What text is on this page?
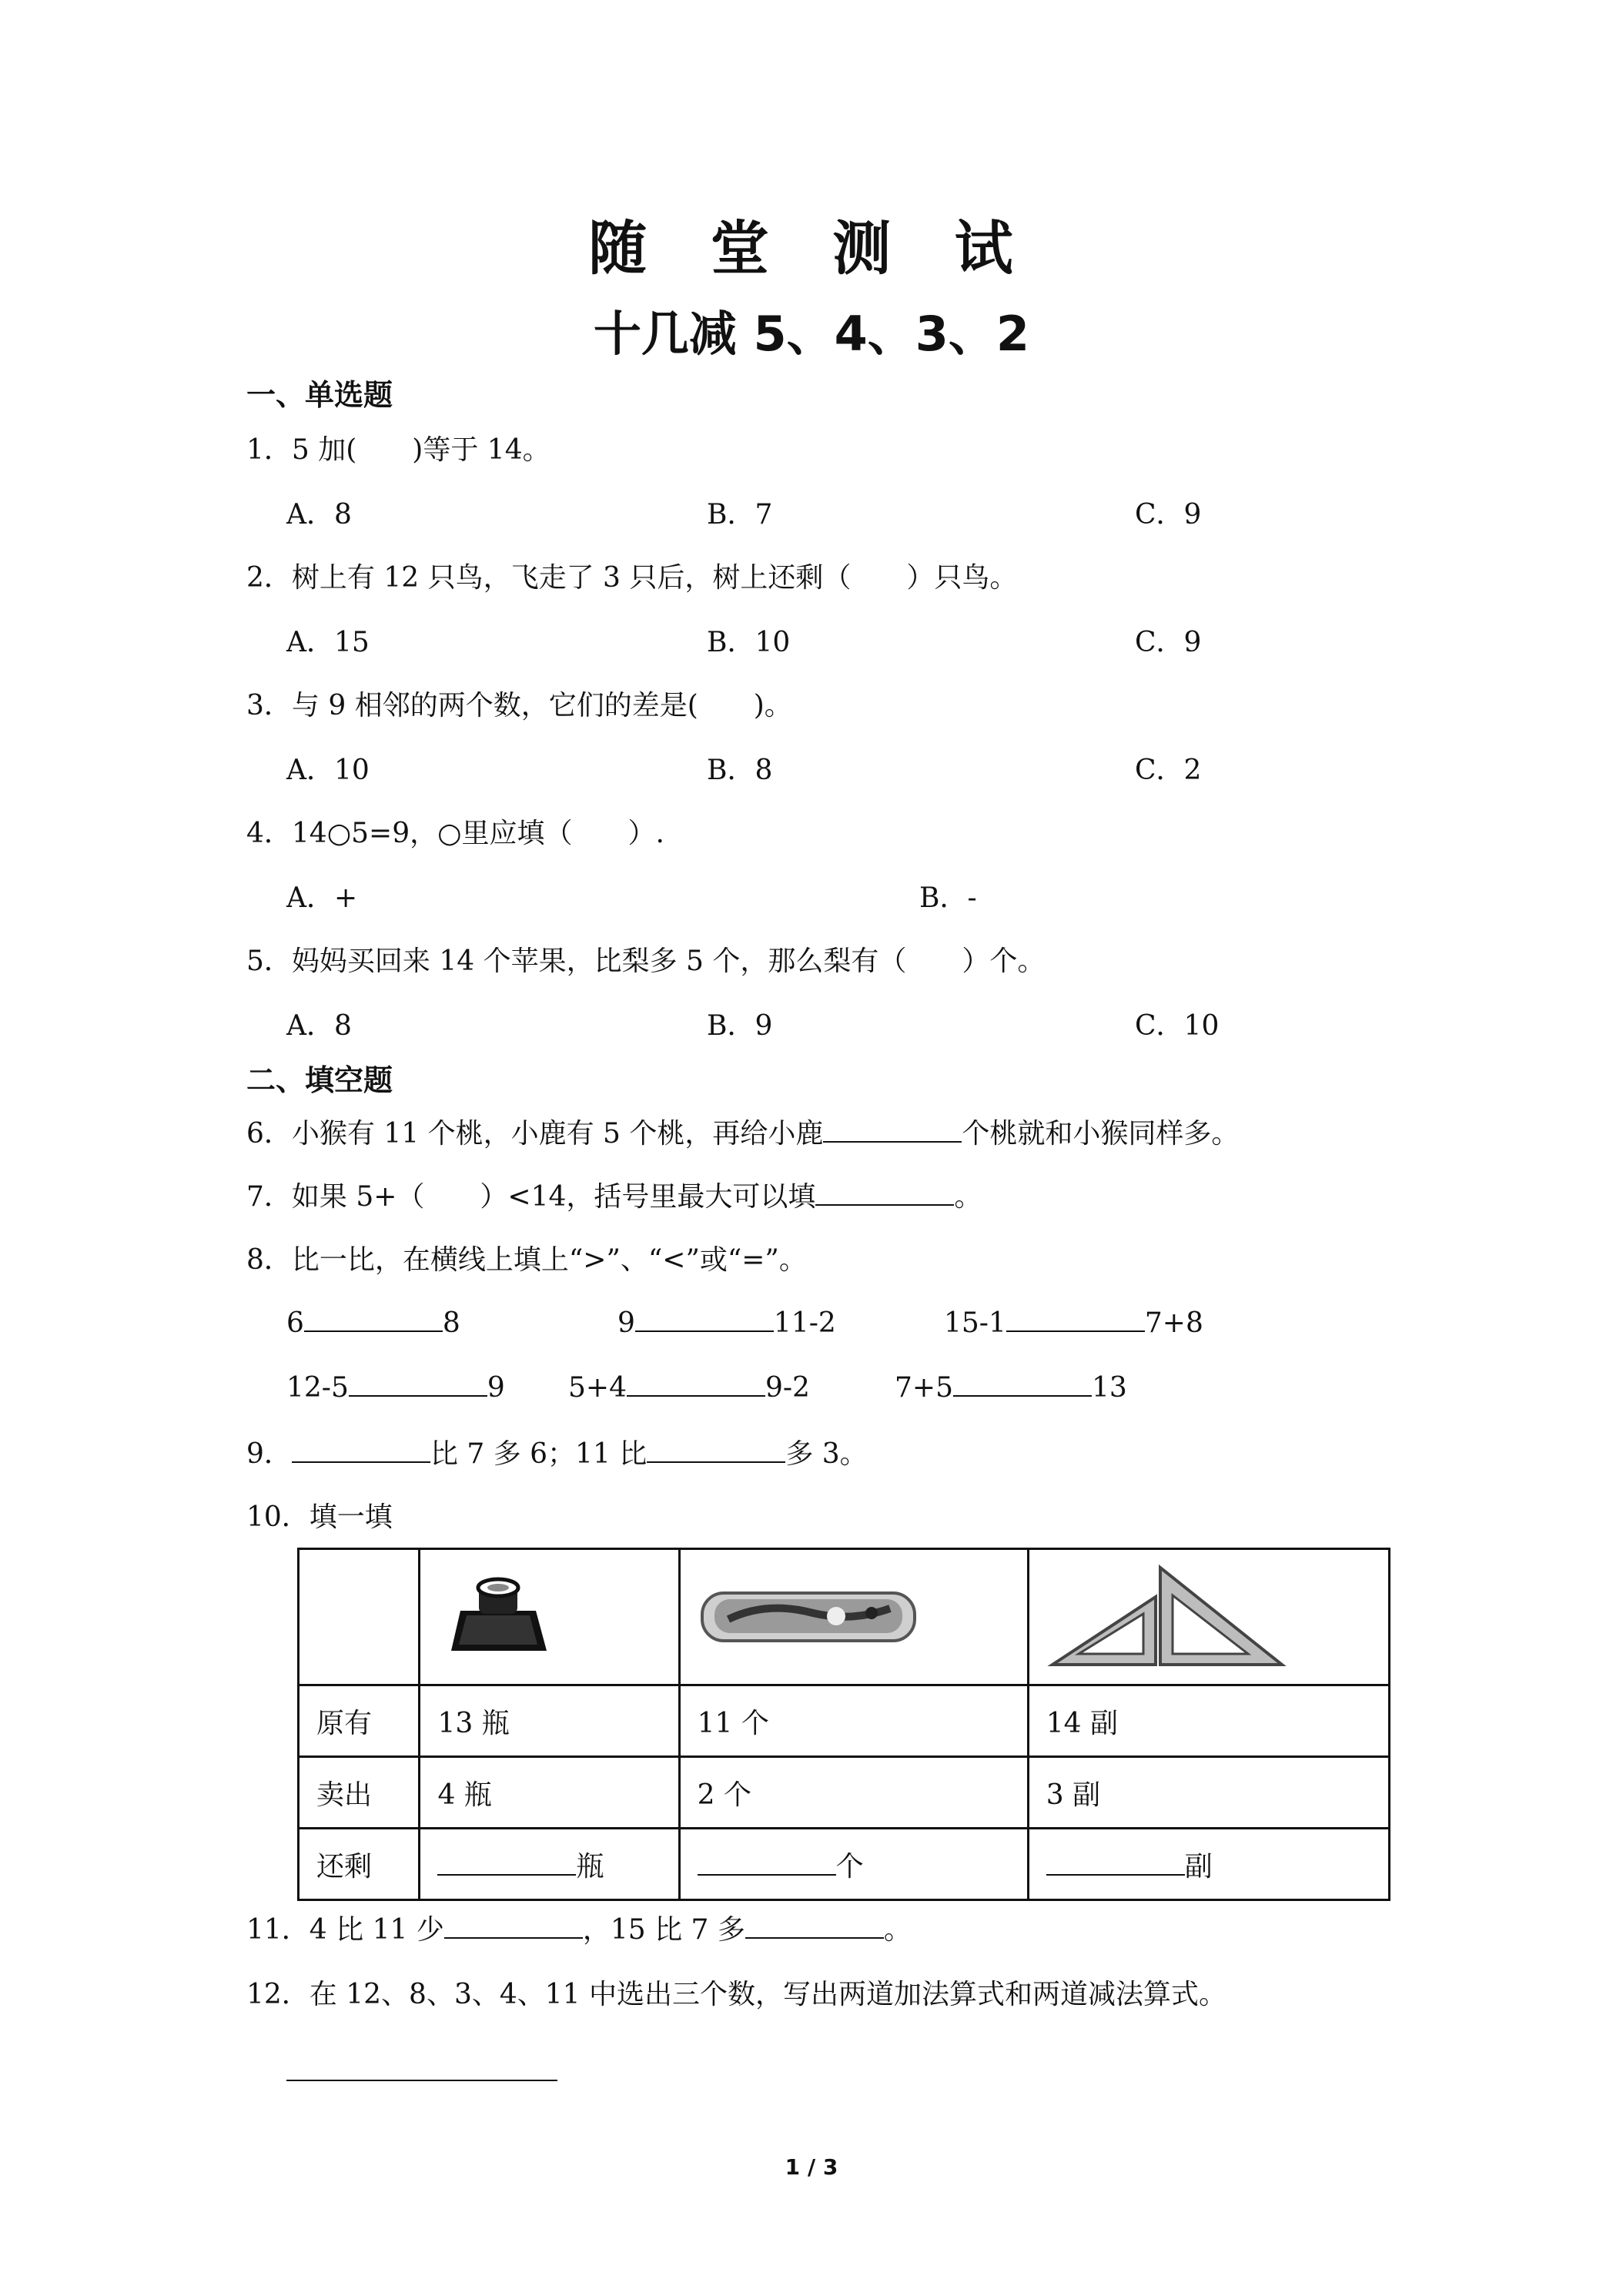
随 堂 测 试
十几减 5、4、3、2
一、单选题
1．5 加(　　)等于 14。
A．8	B．7	C．9
2．树上有 12 只鸟，飞走了 3 只后，树上还剩（　　）只鸟。
A．15	B．10	C．9
3．与 9 相邻的两个数，它们的差是(　　)。
A．10	B．8	C．2
4．14○5=9，○里应填（　　）.
A．+	B．-
5．妈妈买回来 14 个苹果，比梨多 5 个，那么梨有（　　）个。
A．8	B．9	C．10
二、填空题
6．小猴有 11 个桃，小鹿有 5 个桃，再给小鹿	个桃就和小猴同样多。
7．如果 5+（　　）<14，括号里最大可以填	。
8．比一比，在横线上填上“>”、“<”或“=”。
6	8	9	11-2	15-1	7+8
12-5	9 5+4	9-2	7+5	13
9．	比 7 多 6；11 比	多 3。
10．填一填

原有	13 瓶	11 个	14 副
卖出	4 瓶	2 个	3 副
还剩	瓶	个	副
11．4 比 11 少	，15 比 7 多	。
12．在 12、8、3、4、11 中选出三个数，写出两道加法算式和两道减法算式。
1 / 3
